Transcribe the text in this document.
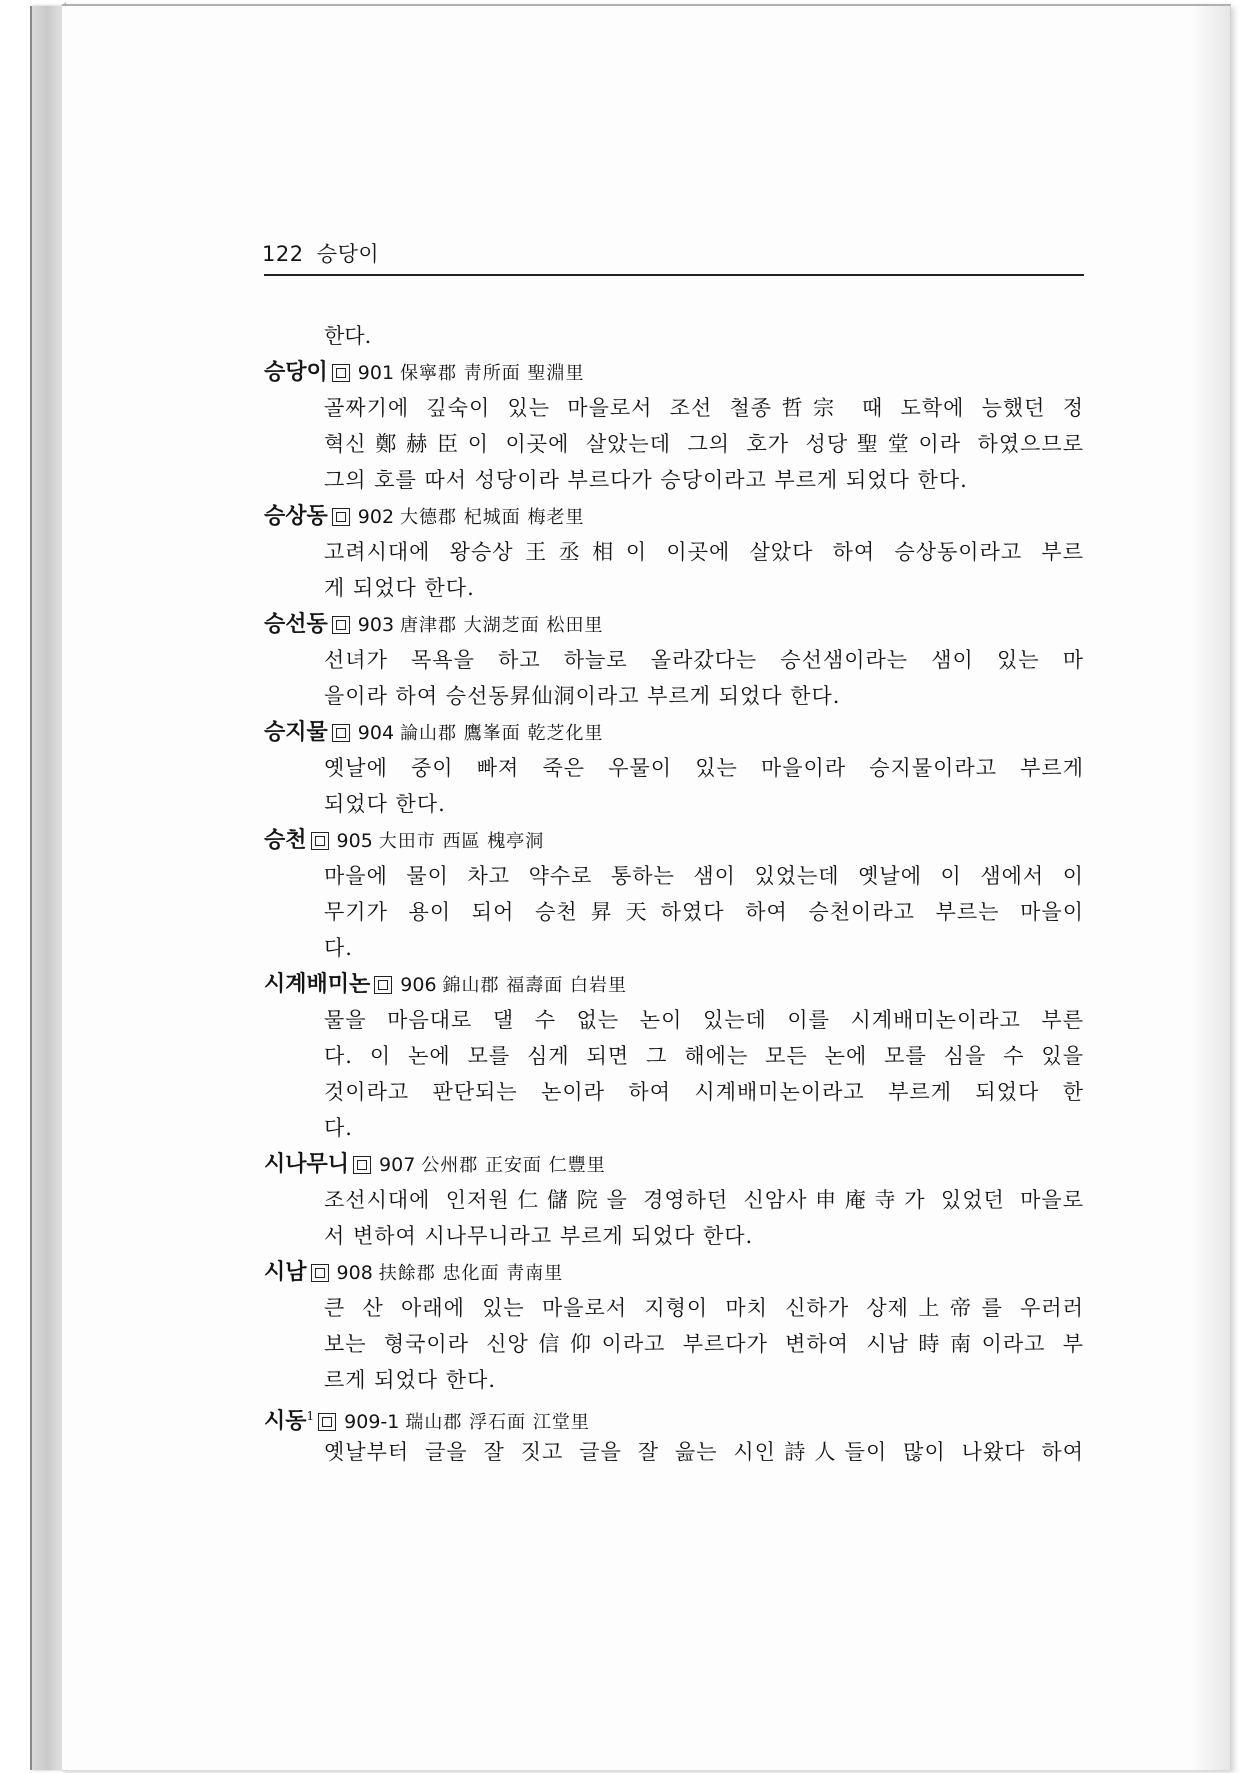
122 승당이
한다.
승당이 901 保寧郡 靑所面 聖淵里
골짜기에 깊숙이 있는 마을로서 조선 철종哲宗 때 도학에 능했던 정
혁신鄭赫臣이 이곳에 살았는데 그의 호가 성당聖堂이라 하였으므로
그의 호를 따서 성당이라 부르다가 승당이라고 부르게 되었다 한다.
승상동 902 大德郡 杞城面 梅老里
고려시대에 왕승상王丞相이 이곳에 살았다 하여 승상동이라고 부르
게 되었다 한다.
승선동 903 唐津郡 大湖芝面 松田里
선녀가 목욕을 하고 하늘로 올라갔다는 승선샘이라는 샘이 있는 마
을이라 하여 승선동昇仙洞이라고 부르게 되었다 한다.
승지물 904 論山郡 鷹峯面 乾芝化里
옛날에 중이 빠져 죽은 우물이 있는 마을이라 승지물이라고 부르게
되었다 한다.
승천 905 大田市 西區 槐亭洞
마을에 물이 차고 약수로 통하는 샘이 있었는데 옛날에 이 샘에서 이
무기가 용이 되어 승천昇天하였다 하여 승천이라고 부르는 마을이
다.
시계배미논 906 錦山郡 福壽面 白岩里
물을 마음대로 댈 수 없는 논이 있는데 이를 시계배미논이라고 부른
다. 이 논에 모를 심게 되면 그 해에는 모든 논에 모를 심을 수 있을
것이라고 판단되는 논이라 하여 시계배미논이라고 부르게 되었다 한
다.
시나무니 907 公州郡 正安面 仁豐里
조선시대에 인저원仁儲院을 경영하던 신암사申庵寺가 있었던 마을로
서 변하여 시나무니라고 부르게 되었다 한다.
시남 908 扶餘郡 忠化面 靑南里
큰 산 아래에 있는 마을로서 지형이 마치 신하가 상제上帝를 우러러
보는 형국이라 신앙信仰이라고 부르다가 변하여 시남時南이라고 부
르게 되었다 한다.
시동$^1$ 909-1 瑞山郡 浮石面 江堂里
옛날부터 글을 잘 짓고 글을 잘 읊는 시인詩人들이 많이 나왔다 하여
